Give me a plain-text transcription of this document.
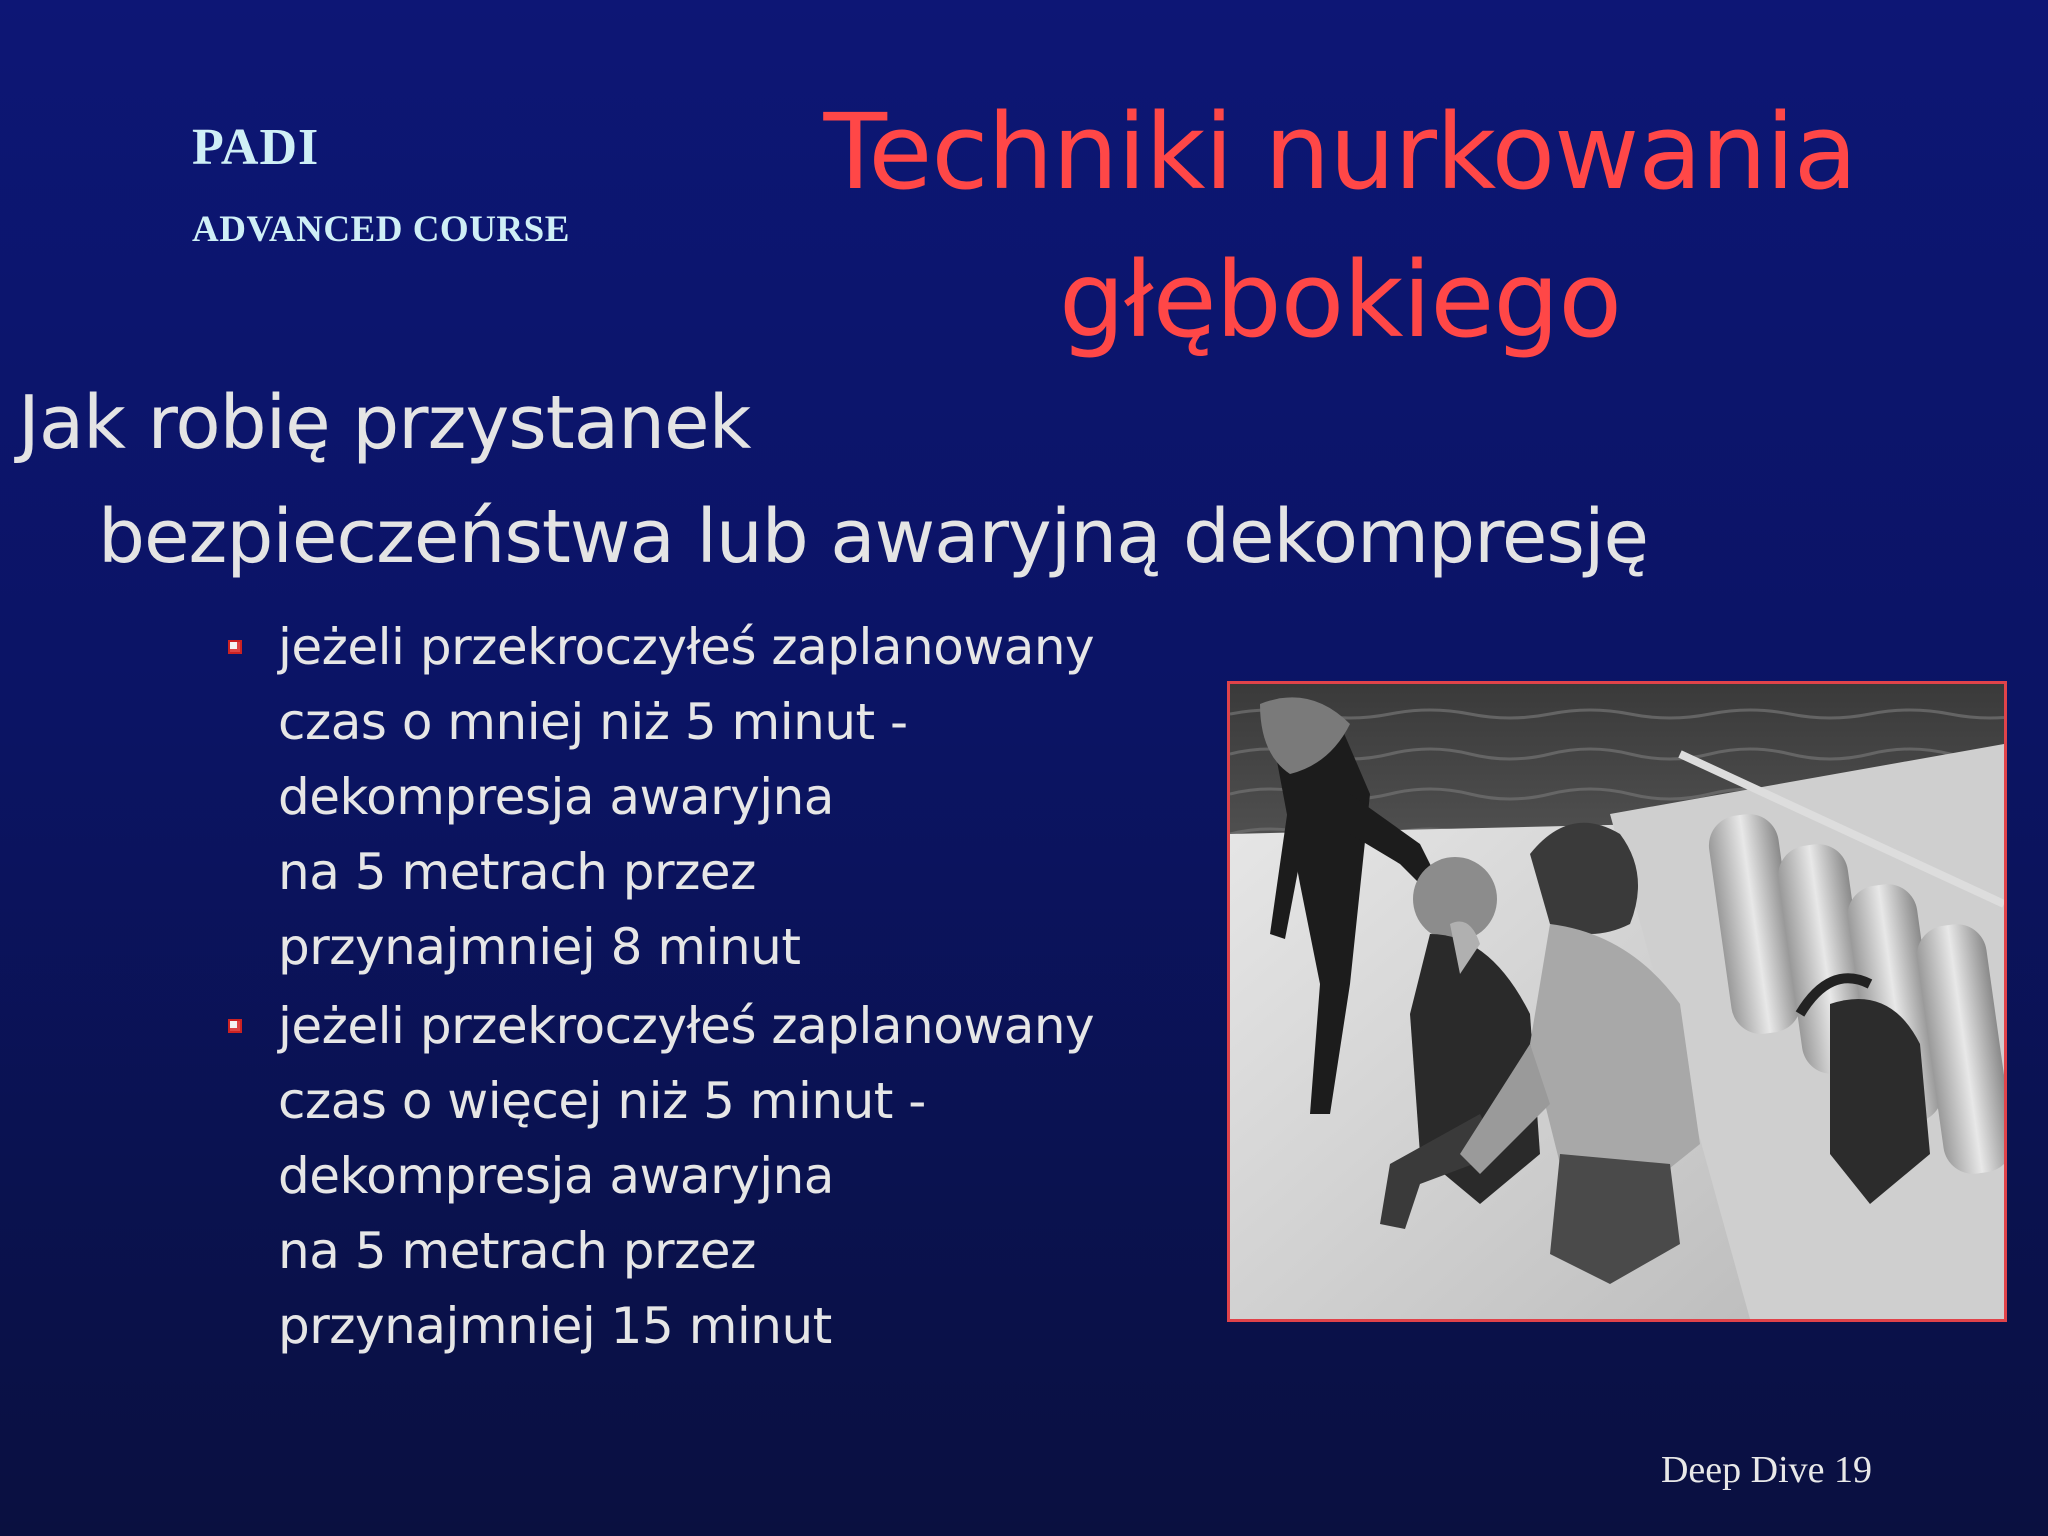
PADI
ADVANCED COURSE
Techniki nurkowania
głębokiego
Jak robię przystanek
bezpieczeństwa lub awaryjną dekompresję
jeżeli przekroczyłeś zaplanowany
czas o mniej niż 5 minut -
dekompresja awaryjna
na 5 metrach przez
przynajmniej 8 minut
jeżeli przekroczyłeś zaplanowany
czas o więcej niż 5 minut -
dekompresja awaryjna
na 5 metrach przez
przynajmniej 15 minut
Deep Dive 19
